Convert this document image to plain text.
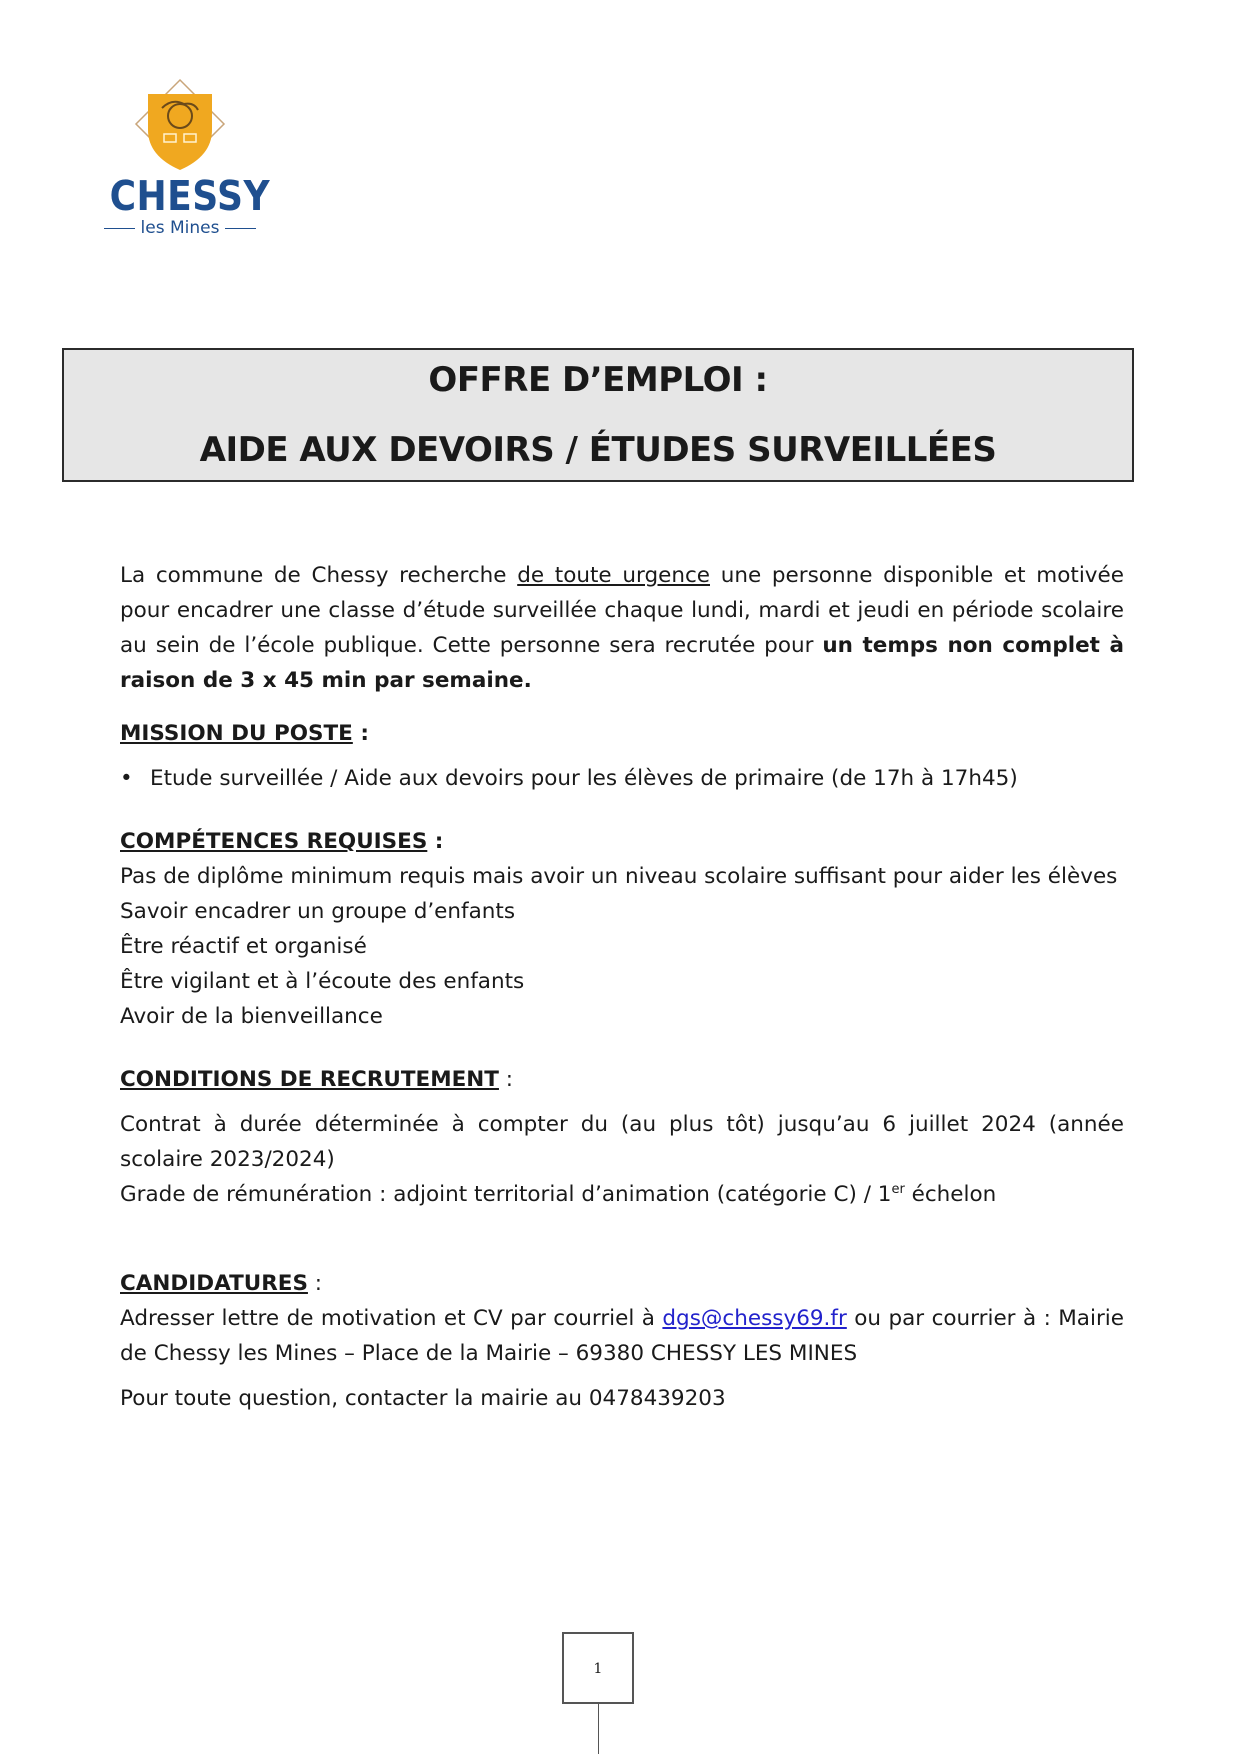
CHESSY
les Mines
OFFRE D’EMPLOI :
AIDE AUX DEVOIRS / ÉTUDES SURVEILLÉES

La commune de Chessy recherche de toute urgence une personne disponible et motivée pour encadrer une classe d’étude surveillée chaque lundi, mardi et jeudi en période scolaire au sein de l’école publique. Cette personne sera recrutée pour un temps non complet à raison de 3 x 45 min par semaine.

MISSION DU POSTE :
• Etude surveillée / Aide aux devoirs pour les élèves de primaire (de 17h à 17h45)
COMPÉTENCES REQUISES :
Pas de diplôme minimum requis mais avoir un niveau scolaire suffisant pour aider les élèves
Savoir encadrer un groupe d’enfants
Être réactif et organisé
Être vigilant et à l’écoute des enfants
Avoir de la bienveillance
CONDITIONS DE RECRUTEMENT :

Contrat à durée déterminée à compter du (au plus tôt) jusqu’au 6 juillet 2024 (année scolaire 2023/2024)

Grade de rémunération : adjoint territorial d’animation (catégorie C) / 1er échelon
CANDIDATURES :

Adresser lettre de motivation et CV par courriel à dgs@chessy69.fr ou par courrier à : Mairie de Chessy les Mines – Place de la Mairie – 69380 CHESSY LES MINES

Pour toute question, contacter la mairie au 0478439203
1
